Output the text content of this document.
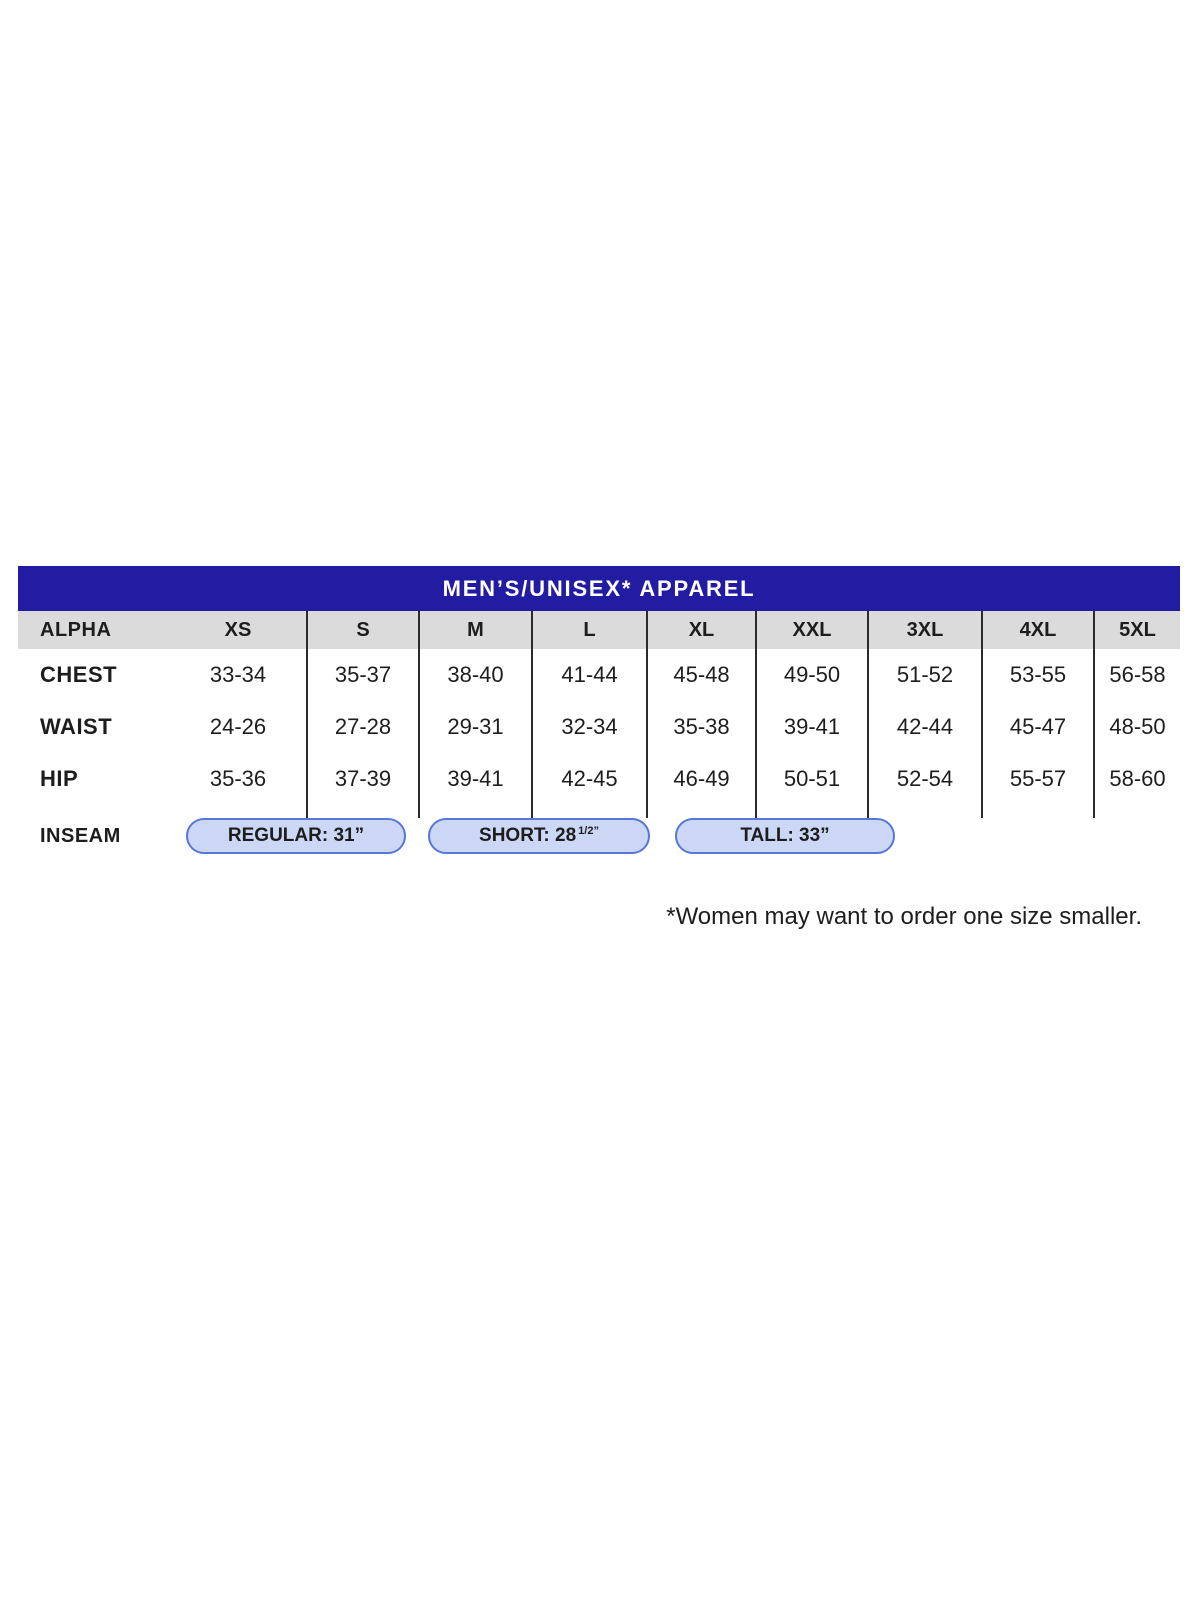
MEN’S/UNISEX* APPAREL
ALPHA	XS	S	M	L	XL	XXL	3XL	4XL	5XL
CHEST	33-34	35-37	38-40	41-44	45-48	49-50	51-52	53-55	56-58
WAIST	24-26	27-28	29-31	32-34	35-38	39-41	42-44	45-47	48-50
HIP	35-36	37-39	39-41	42-45	46-49	50-51	52-54	55-57	58-60
INSEAM	REGULAR: 31”	SHORT: 28 1/2”	TALL: 33”
*Women may want to order one size smaller.
